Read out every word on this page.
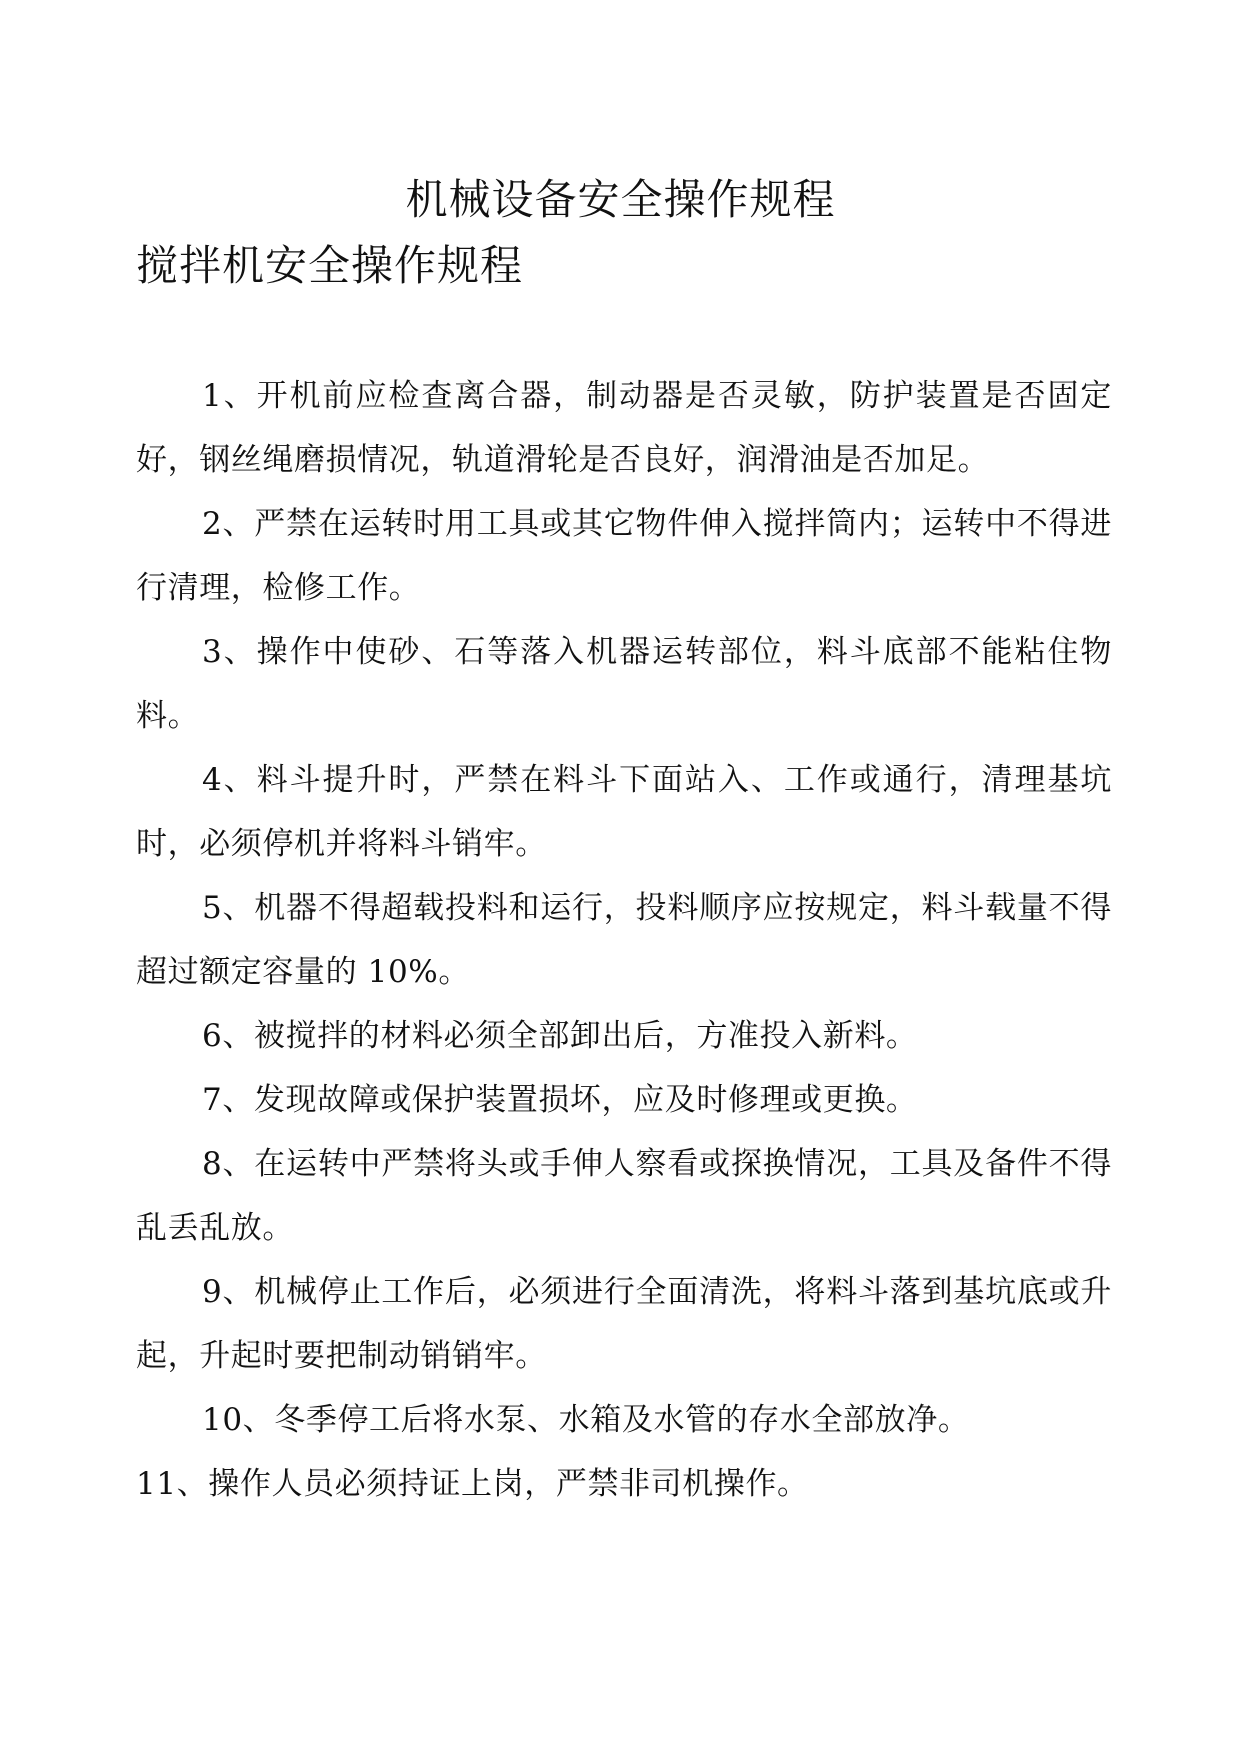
机械设备安全操作规程
搅拌机安全操作规程
1、开机前应检查离合器，制动器是否灵敏，防护装置是否固定好，钢丝绳磨损情况，轨道滑轮是否良好，润滑油是否加足。
2、严禁在运转时用工具或其它物件伸入搅拌筒内；运转中不得进行清理，检修工作。
3、操作中使砂、石等落入机器运转部位，料斗底部不能粘住物料。
4、料斗提升时，严禁在料斗下面站入、工作或通行，清理基坑时，必须停机并将料斗销牢。
5、机器不得超载投料和运行，投料顺序应按规定，料斗载量不得超过额定容量的 10%。
6、被搅拌的材料必须全部卸出后，方准投入新料。
7、发现故障或保护装置损坏，应及时修理或更换。
8、在运转中严禁将头或手伸人察看或探换情况，工具及备件不得乱丢乱放。
9、机械停止工作后，必须进行全面清洗，将料斗落到基坑底或升起，升起时要把制动销销牢。
10、冬季停工后将水泵、水箱及水管的存水全部放净。
11、操作人员必须持证上岗，严禁非司机操作。
